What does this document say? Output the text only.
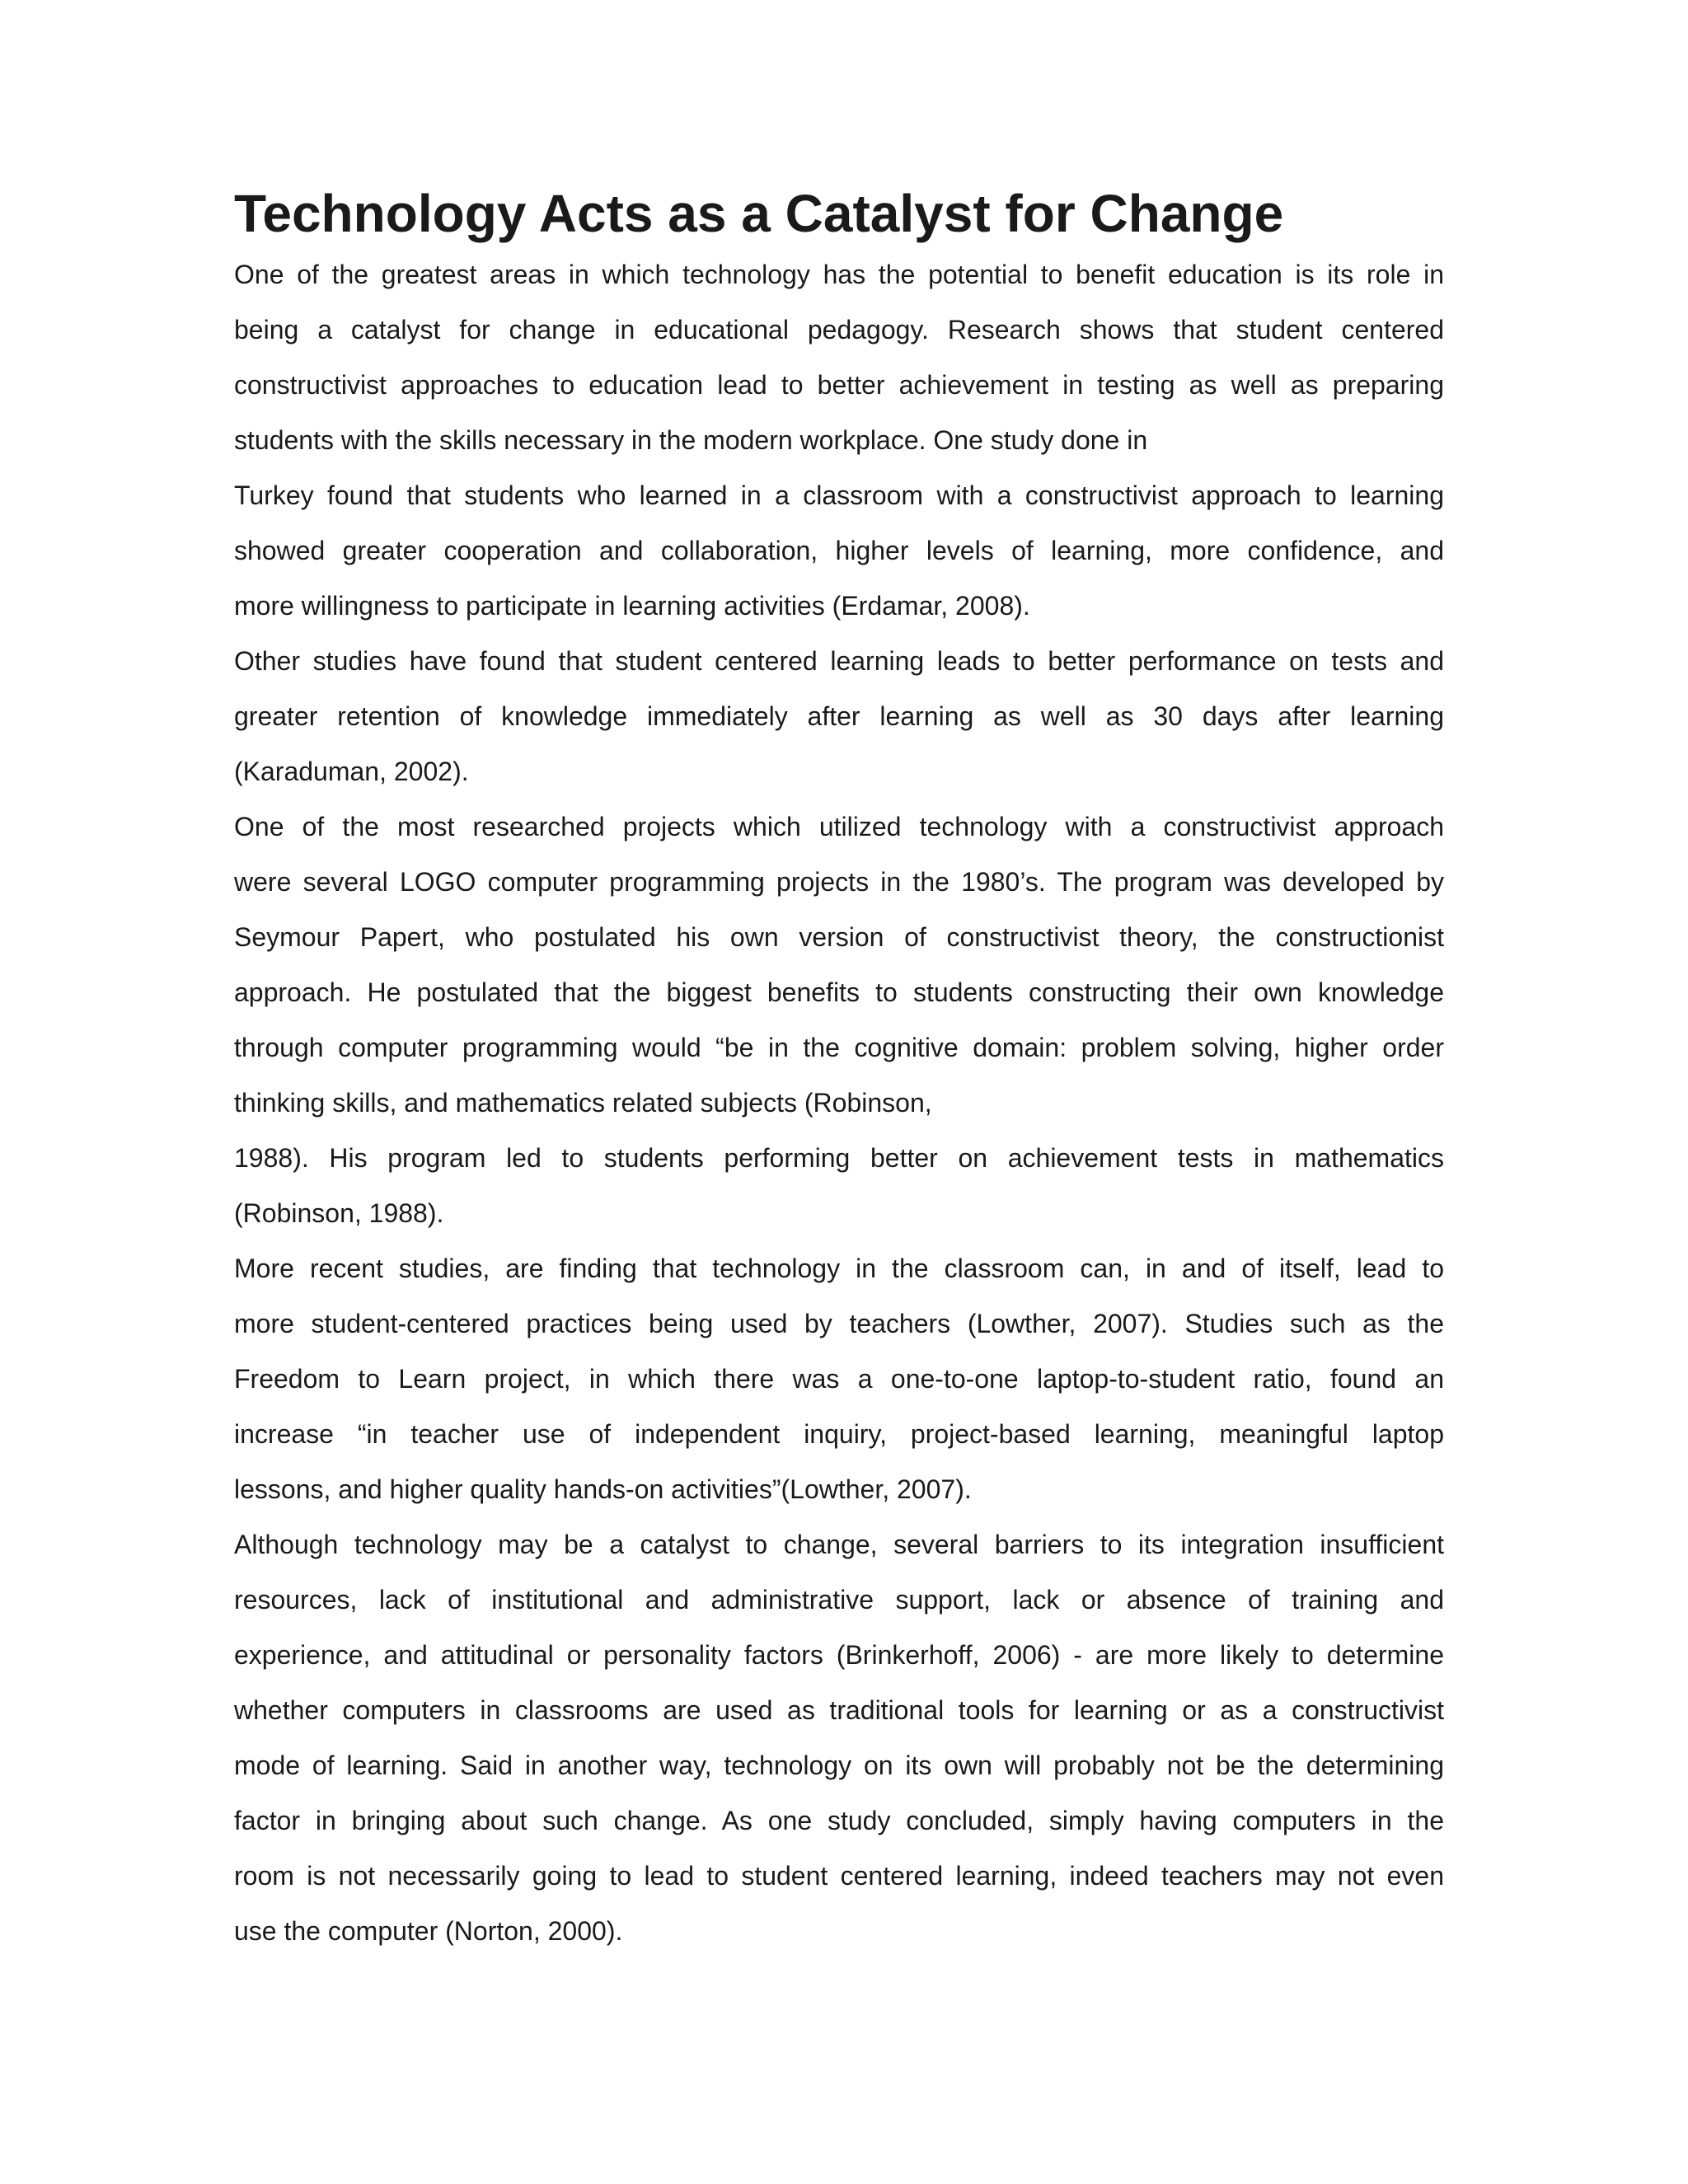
Technology Acts as a Catalyst for Change
One of the greatest areas in which technology has the potential to benefit education is its role in
being a catalyst for change in educational pedagogy. Research shows that student centered
constructivist approaches to education lead to better achievement in testing as well as preparing
students with the skills necessary in the modern workplace. One study done in
Turkey found that students who learned in a classroom with a constructivist approach to learning
showed greater cooperation and collaboration, higher levels of learning, more confidence, and
more willingness to participate in learning activities (Erdamar, 2008).
Other studies have found that student centered learning leads to better performance on tests and
greater retention of knowledge immediately after learning as well as 30 days after learning
(Karaduman, 2002).
One of the most researched projects which utilized technology with a constructivist approach
were several LOGO computer programming projects in the 1980’s. The program was developed by
Seymour Papert, who postulated his own version of constructivist theory, the constructionist
approach. He postulated that the biggest benefits to students constructing their own knowledge
through computer programming would “be in the cognitive domain: problem solving, higher order
thinking skills, and mathematics related subjects (Robinson,
1988). His program led to students performing better on achievement tests in mathematics
(Robinson, 1988).
More recent studies, are finding that technology in the classroom can, in and of itself, lead to
more student-centered practices being used by teachers (Lowther, 2007). Studies such as the
Freedom to Learn project, in which there was a one-to-one laptop-to-student ratio, found an
increase “in teacher use of independent inquiry, project-based learning, meaningful laptop
lessons, and higher quality hands-on activities”(Lowther, 2007).
Although technology may be a catalyst to change, several barriers to its integration insufficient
resources, lack of institutional and administrative support, lack or absence of training and
experience, and attitudinal or personality factors (Brinkerhoff, 2006) - are more likely to determine
whether computers in classrooms are used as traditional tools for learning or as a constructivist
mode of learning. Said in another way, technology on its own will probably not be the determining
factor in bringing about such change. As one study concluded, simply having computers in the
room is not necessarily going to lead to student centered learning, indeed teachers may not even
use the computer (Norton, 2000).
